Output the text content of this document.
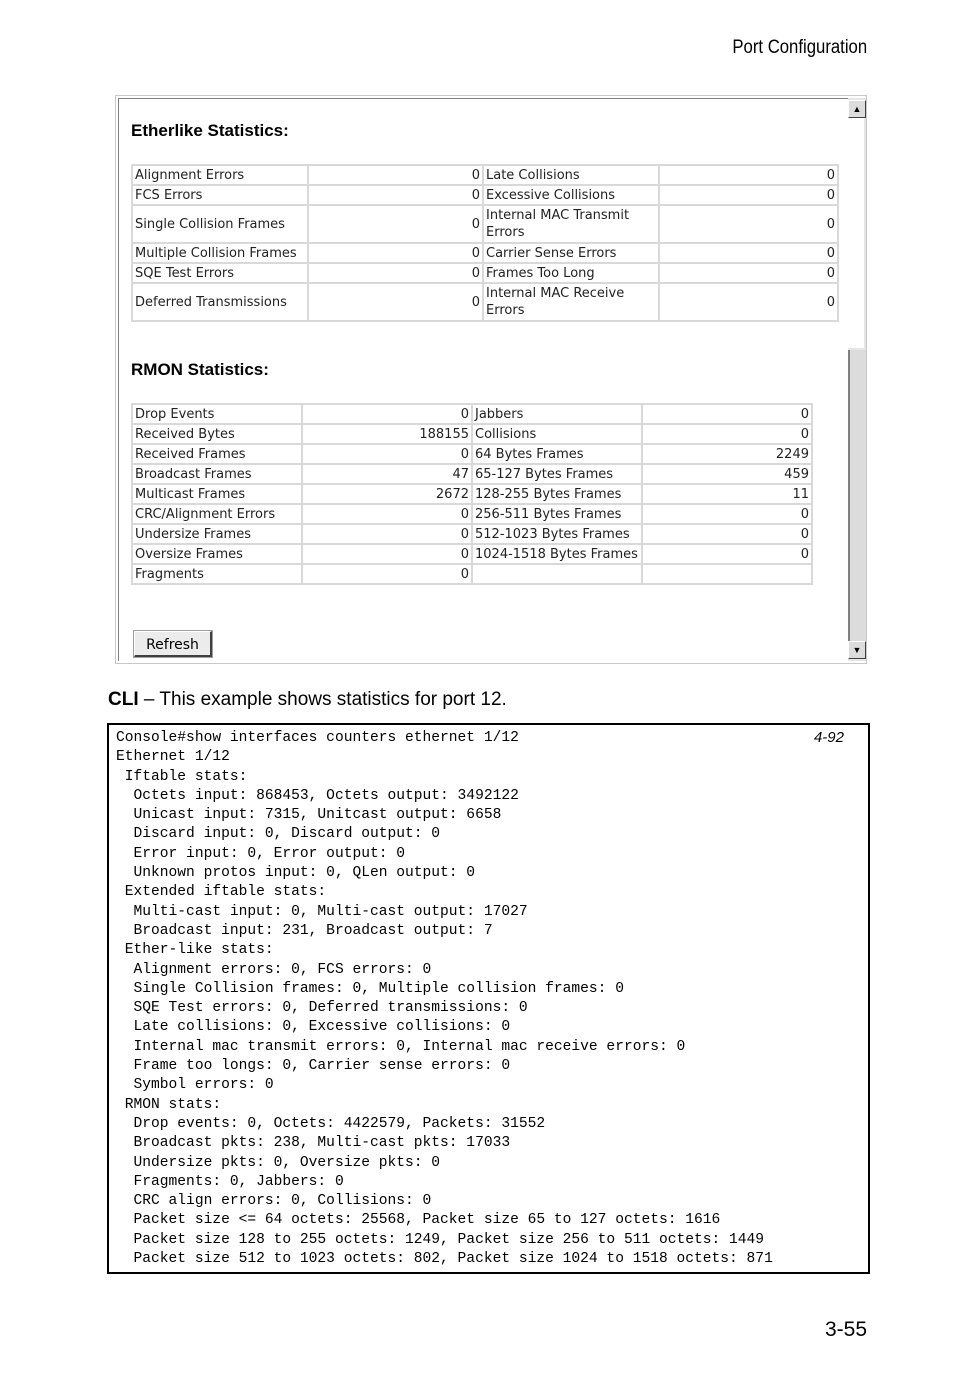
Port Configuration
Etherlike Statistics:
Alignment Errors	0	Late Collisions	0
FCS Errors	0	Excessive Collisions	0
Single Collision Frames	0	Internal MAC Transmit Errors	0
Multiple Collision Frames	0	Carrier Sense Errors	0
SQE Test Errors	0	Frames Too Long	0
Deferred Transmissions	0	Internal MAC Receive Errors	0
RMON Statistics:
Drop Events	0	Jabbers	0
Received Bytes	188155	Collisions	0
Received Frames	0	64 Bytes Frames	2249
Broadcast Frames	47	65-127 Bytes Frames	459
Multicast Frames	2672	128-255 Bytes Frames	11
CRC/Alignment Errors	0	256-511 Bytes Frames	0
Undersize Frames	0	512-1023 Bytes Frames	0
Oversize Frames	0	1024-1518 Bytes Frames	0
Fragments	0		
Refresh
▲
▼
CLI – This example shows statistics for port 12.
Console#show interfaces counters ethernet 1/12
Ethernet 1/12
Iftable stats:
Octets input: 868453, Octets output: 3492122
Unicast input: 7315, Unitcast output: 6658
Discard input: 0, Discard output: 0
Error input: 0, Error output: 0
Unknown protos input: 0, QLen output: 0
Extended iftable stats:
Multi-cast input: 0, Multi-cast output: 17027
Broadcast input: 231, Broadcast output: 7
Ether-like stats:
Alignment errors: 0, FCS errors: 0
Single Collision frames: 0, Multiple collision frames: 0
SQE Test errors: 0, Deferred transmissions: 0
Late collisions: 0, Excessive collisions: 0
Internal mac transmit errors: 0, Internal mac receive errors: 0
Frame too longs: 0, Carrier sense errors: 0
Symbol errors: 0
RMON stats:
Drop events: 0, Octets: 4422579, Packets: 31552
Broadcast pkts: 238, Multi-cast pkts: 17033
Undersize pkts: 0, Oversize pkts: 0
Fragments: 0, Jabbers: 0
CRC align errors: 0, Collisions: 0
Packet size <= 64 octets: 25568, Packet size 65 to 127 octets: 1616
Packet size 128 to 255 octets: 1249, Packet size 256 to 511 octets: 1449
Packet size 512 to 1023 octets: 802, Packet size 1024 to 1518 octets: 871
4-92
3-55
